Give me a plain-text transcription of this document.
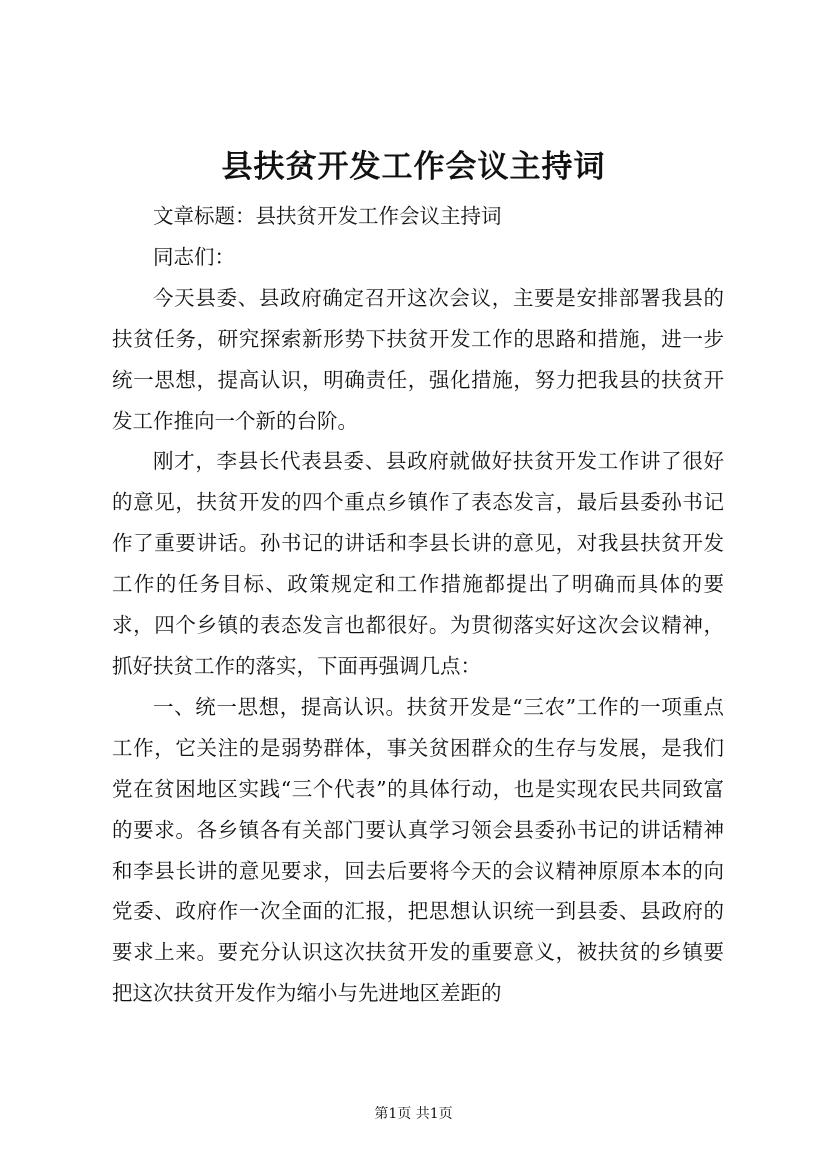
县扶贫开发工作会议主持词

文章标题：县扶贫开发工作会议主持词

同志们：

今天县委、县政府确定召开这次会议，主要是安排部署我县的扶贫任务，研究探索新形势下扶贫开发工作的思路和措施，进一步统一思想，提高认识，明确责任，强化措施，努力把我县的扶贫开发工作推向一个新的台阶。

刚才，李县长代表县委、县政府就做好扶贫开发工作讲了很好的意见，扶贫开发的四个重点乡镇作了表态发言，最后县委孙书记作了重要讲话。孙书记的讲话和李县长讲的意见，对我县扶贫开发工作的任务目标、政策规定和工作措施都提出了明确而具体的要求，四个乡镇的表态发言也都很好。为贯彻落实好这次会议精神，抓好扶贫工作的落实，下面再强调几点：

一、统一思想，提高认识。扶贫开发是“三农”工作的一项重点工作，它关注的是弱势群体，事关贫困群众的生存与发展，是我们党在贫困地区实践“三个代表”的具体行动，也是实现农民共同致富的要求。各乡镇各有关部门要认真学习领会县委孙书记的讲话精神和李县长讲的意见要求，回去后要将今天的会议精神原原本本的向党委、政府作一次全面的汇报，把思想认识统一到县委、县政府的要求上来。要充分认识这次扶贫开发的重要意义，被扶贫的乡镇要把这次扶贫开发作为缩小与先进地区差距的

第1页 共1页
